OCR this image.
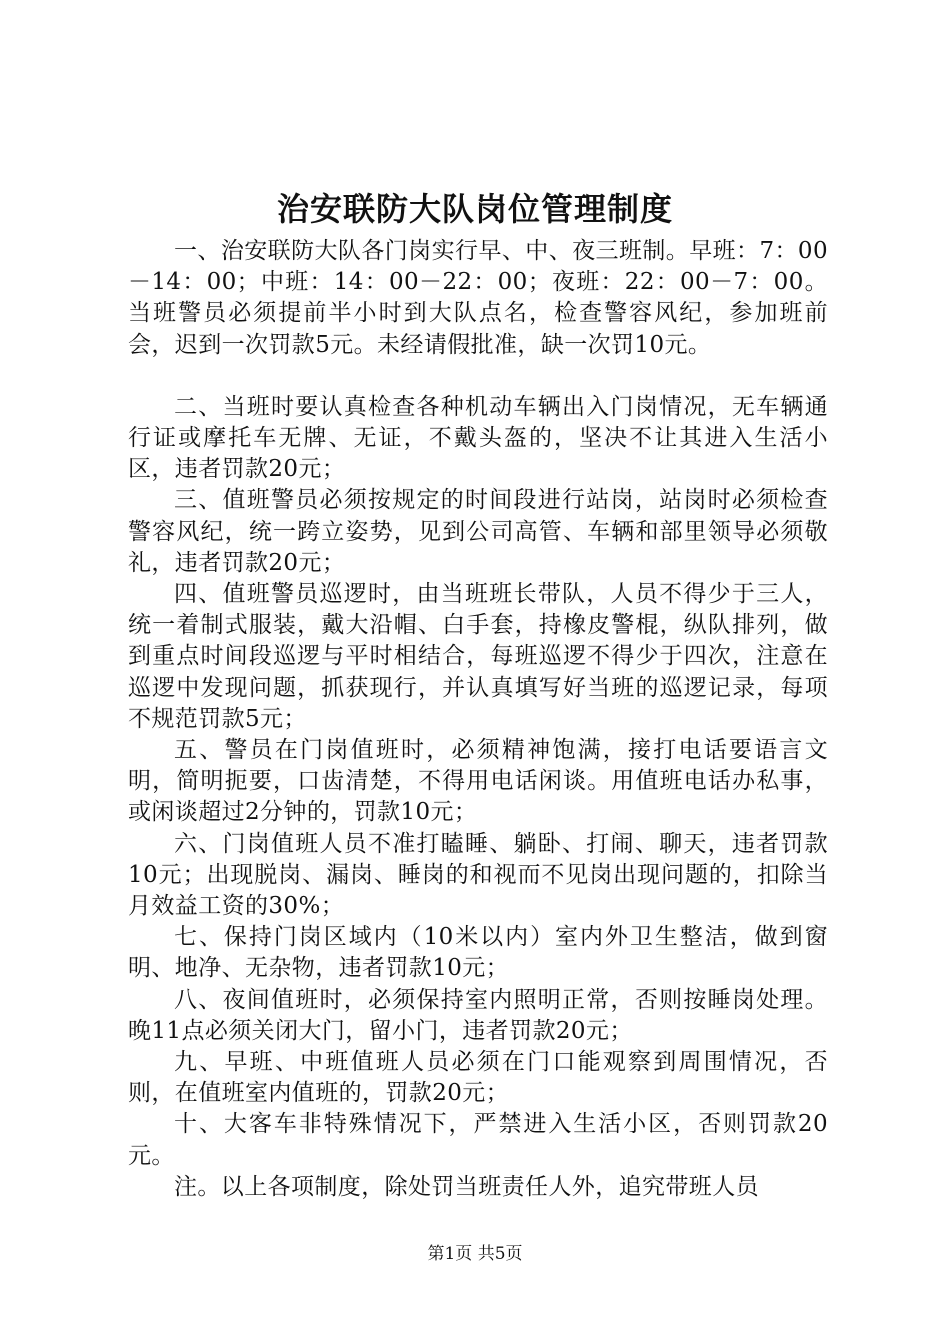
治安联防大队岗位管理制度

一、治安联防大队各门岗实行早、中、夜三班制。早班：7：00－14：00；中班：14：00－22：00；夜班：22：00－7：00。当班警员必须提前半小时到大队点名，检查警容风纪，参加班前会，迟到一次罚款5元。未经请假批准，缺一次罚10元。

二、当班时要认真检查各种机动车辆出入门岗情况，无车辆通行证或摩托车无牌、无证，不戴头盔的，坚决不让其进入生活小区，违者罚款20元；

三、值班警员必须按规定的时间段进行站岗，站岗时必须检查警容风纪，统一跨立姿势，见到公司高管、车辆和部里领导必须敬礼，违者罚款20元；

四、值班警员巡逻时，由当班班长带队，人员不得少于三人，统一着制式服装，戴大沿帽、白手套，持橡皮警棍，纵队排列，做到重点时间段巡逻与平时相结合，每班巡逻不得少于四次，注意在巡逻中发现问题，抓获现行，并认真填写好当班的巡逻记录，每项不规范罚款5元；

五、警员在门岗值班时，必须精神饱满，接打电话要语言文明，简明扼要，口齿清楚，不得用电话闲谈。用值班电话办私事，或闲谈超过2分钟的，罚款10元；

六、门岗值班人员不准打瞌睡、躺卧、打闹、聊天，违者罚款10元；出现脱岗、漏岗、睡岗的和视而不见岗出现问题的，扣除当月效益工资的30%；

七、保持门岗区域内（10米以内）室内外卫生整洁，做到窗明、地净、无杂物，违者罚款10元；

八、夜间值班时，必须保持室内照明正常，否则按睡岗处理。晚11点必须关闭大门，留小门，违者罚款20元；

九、早班、中班值班人员必须在门口能观察到周围情况，否则，在值班室内值班的，罚款20元；

十、大客车非特殊情况下，严禁进入生活小区，否则罚款20元。

注。以上各项制度，除处罚当班责任人外，追究带班人员

第1页 共5页
